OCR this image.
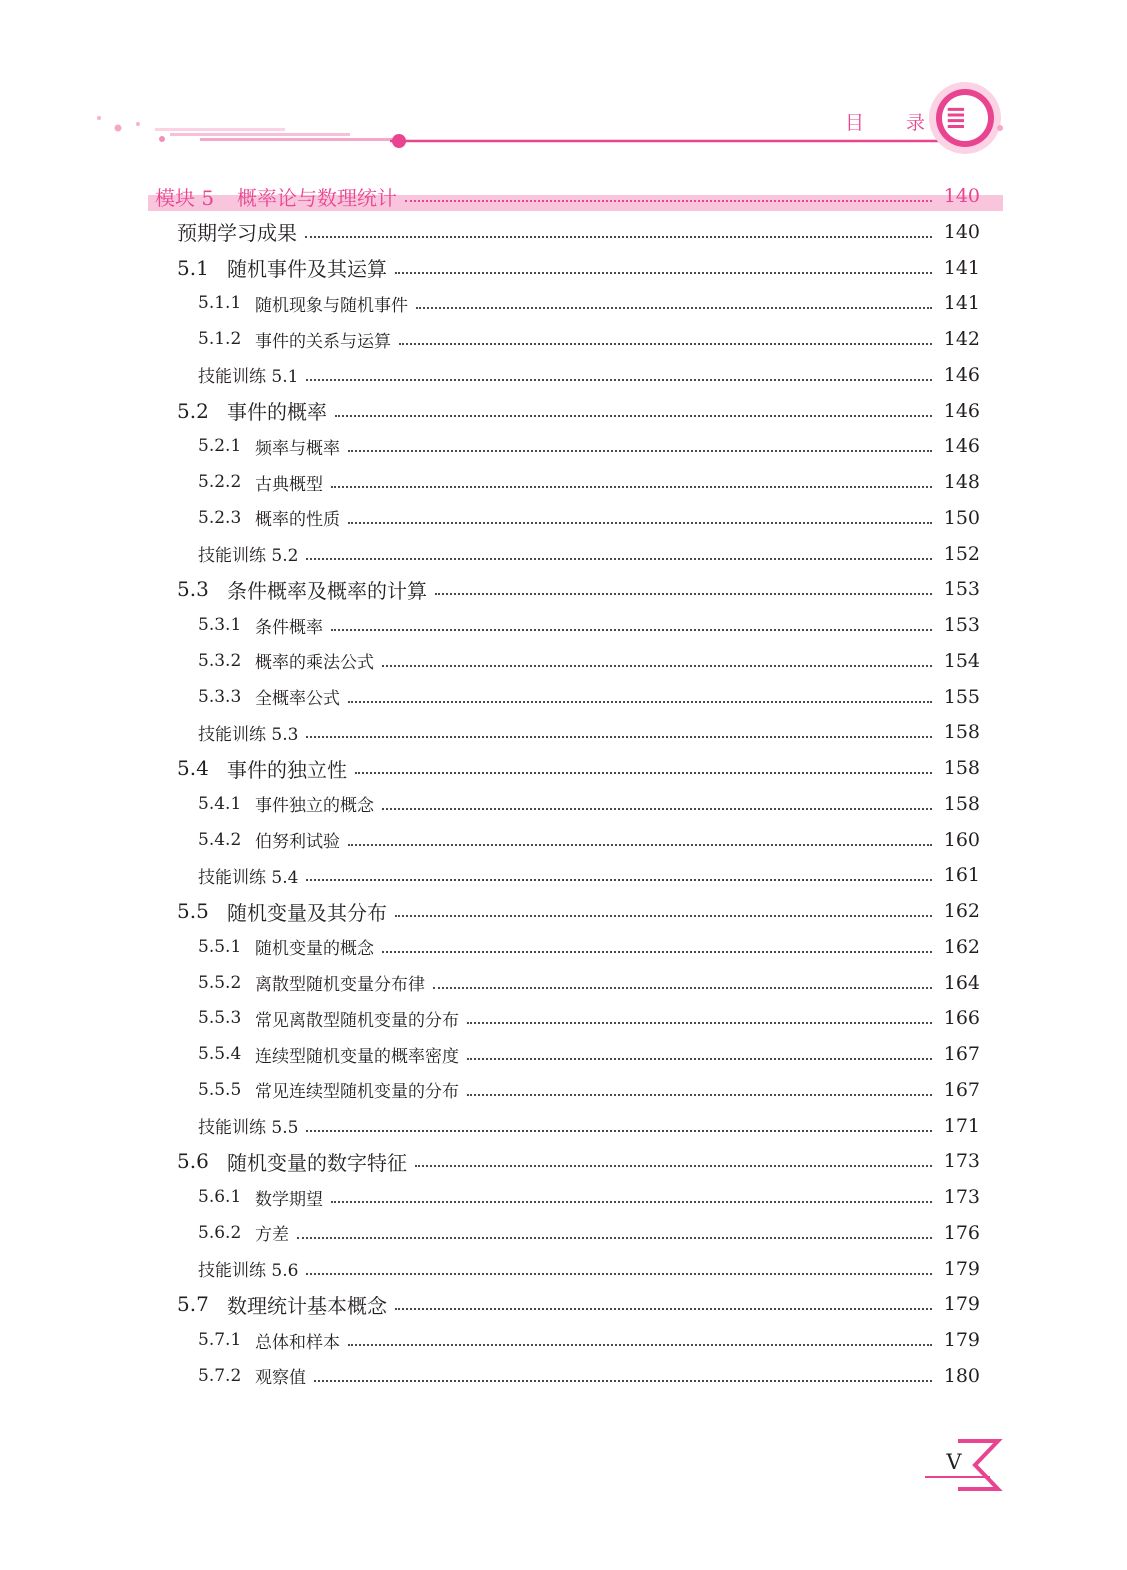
≣
目 录
模块 5	概率论与数理统计	140
预期学习成果	140
5.1 随机事件及其运算	141
5.1.1 随机现象与随机事件	141
5.1.2 事件的关系与运算	142
技能训练 5.1	146
5.2 事件的概率	146
5.2.1 频率与概率	146
5.2.2 古典概型	148
5.2.3 概率的性质	150
技能训练 5.2	152
5.3 条件概率及概率的计算	153
5.3.1 条件概率	153
5.3.2 概率的乘法公式	154
5.3.3 全概率公式	155
技能训练 5.3	158
5.4 事件的独立性	158
5.4.1 事件独立的概念	158
5.4.2 伯努利试验	160
技能训练 5.4	161
5.5 随机变量及其分布	162
5.5.1 随机变量的概念	162
5.5.2 离散型随机变量分布律	164
5.5.3 常见离散型随机变量的分布	166
5.5.4 连续型随机变量的概率密度	167
5.5.5 常见连续型随机变量的分布	167
技能训练 5.5	171
5.6 随机变量的数字特征	173
5.6.1 数学期望	173
5.6.2 方差	176
技能训练 5.6	179
5.7 数理统计基本概念	179
5.7.1 总体和样本	179
5.7.2 观察值	180
V
